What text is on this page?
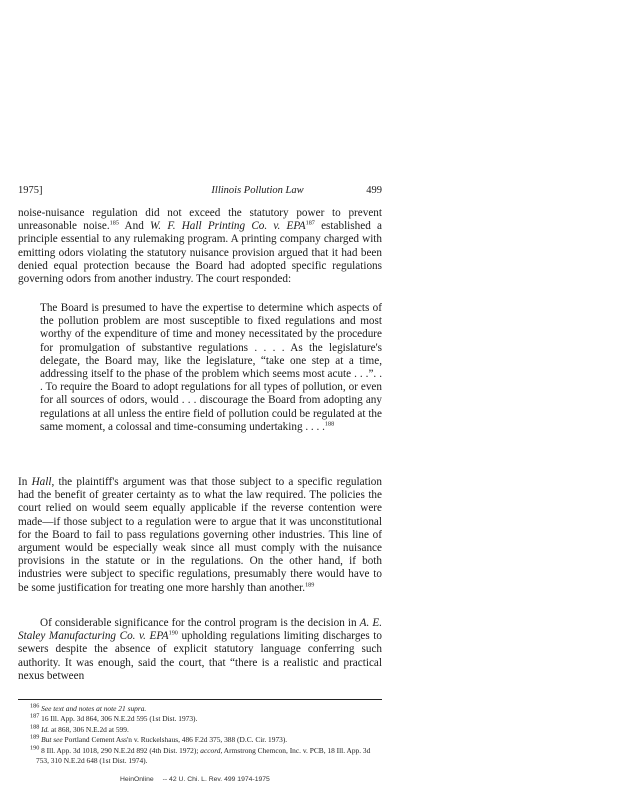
1975]	Illinois Pollution Law	499
noise-nuisance regulation did not exceed the statutory power to prevent unreasonable noise.$^{185}$ And W. F. Hall Printing Co. v. EPA$^{187}$ established a principle essential to any rulemaking program. A printing company charged with emitting odors violating the statutory nuisance provision argued that it had been denied equal protection because the Board had adopted specific regulations governing odors from another industry. The court responded:
The Board is presumed to have the expertise to determine which aspects of the pollution problem are most susceptible to fixed regulations and most worthy of the expenditure of time and money necessitated by the procedure for promulgation of substantive regulations . . . . As the legislature's delegate, the Board may, like the legislature, “take one step at a time, addressing itself to the phase of the problem which seems most acute . . .”. . . To require the Board to adopt regulations for all types of pollution, or even for all sources of odors, would . . . discourage the Board from adopting any regulations at all unless the entire field of pollution could be regulated at the same moment, a colossal and time-consuming undertaking . . . .$^{188}$
In Hall, the plaintiff's argument was that those subject to a specific regulation had the benefit of greater certainty as to what the law required. The policies the court relied on would seem equally applicable if the reverse contention were made—if those subject to a regulation were to argue that it was unconstitutional for the Board to fail to pass regulations governing other industries. This line of argument would be especially weak since all must comply with the nuisance provisions in the statute or in the regulations. On the other hand, if both industries were subject to specific regulations, presumably there would have to be some justification for treating one more harshly than another.$^{189}$
Of considerable significance for the control program is the decision in A. E. Staley Manufacturing Co. v. EPA$^{190}$ upholding regulations limiting discharges to sewers despite the absence of explicit statutory language conferring such authority. It was enough, said the court, that “there is a realistic and practical nexus between
$^{186}$ See text and notes at note 21 supra.
$^{187}$ 16 Ill. App. 3d 864, 306 N.E.2d 595 (1st Dist. 1973).
$^{188}$ Id. at 868, 306 N.E.2d at 599.
$^{189}$ But see Portland Cement Ass'n v. Ruckelshaus, 486 F.2d 375, 388 (D.C. Cir. 1973).
$^{190}$ 8 Ill. App. 3d 1018, 290 N.E.2d 892 (4th Dist. 1972); accord, Armstrong Chemcon, Inc. v. PCB, 18 Ill. App. 3d 753, 310 N.E.2d 648 (1st Dist. 1974).
HeinOnline -- 42 U. Chi. L. Rev. 499 1974-1975
